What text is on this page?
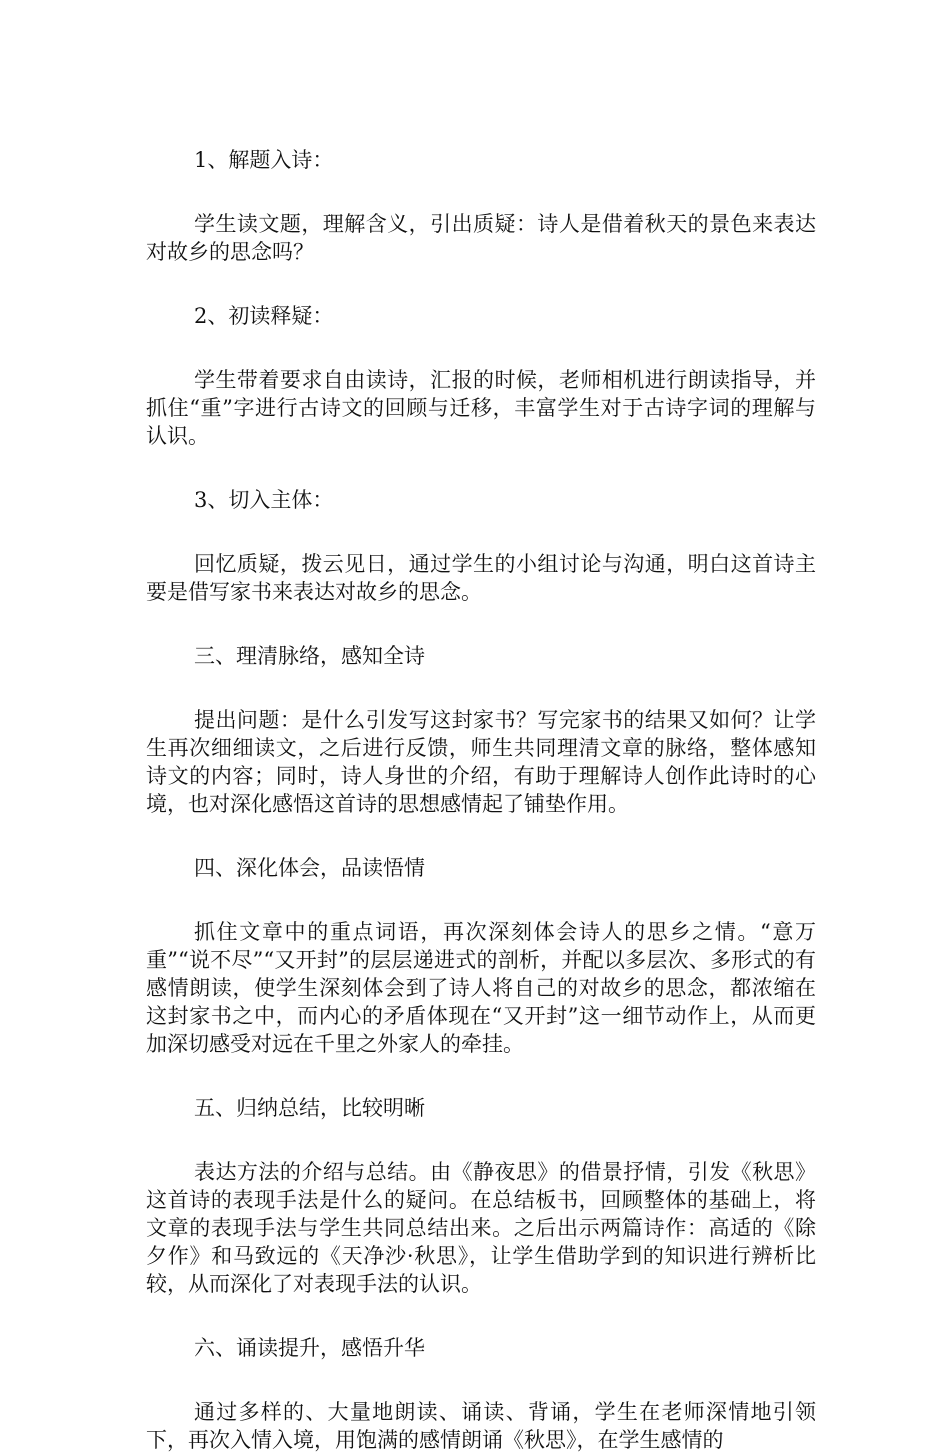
1、解题入诗：

学生读文题，理解含义，引出质疑：诗人是借着秋天的景色来表达对故乡的思念吗？

2、初读释疑：

学生带着要求自由读诗，汇报的时候，老师相机进行朗读指导，并抓住“重”字进行古诗文的回顾与迁移，丰富学生对于古诗字词的理解与认识。

3、切入主体：

回忆质疑，拨云见日，通过学生的小组讨论与沟通，明白这首诗主要是借写家书来表达对故乡的思念。

三、理清脉络，感知全诗

提出问题：是什么引发写这封家书？写完家书的结果又如何？让学生再次细细读文，之后进行反馈，师生共同理清文章的脉络，整体感知诗文的内容；同时，诗人身世的介绍，有助于理解诗人创作此诗时的心境，也对深化感悟这首诗的思想感情起了铺垫作用。

四、深化体会，品读悟情

抓住文章中的重点词语，再次深刻体会诗人的思乡之情。“意万重”“说不尽”“又开封”的层层递进式的剖析，并配以多层次、多形式的有感情朗读，使学生深刻体会到了诗人将自己的对故乡的思念，都浓缩在这封家书之中，而内心的矛盾体现在“又开封”这一细节动作上，从而更加深切感受对远在千里之外家人的牵挂。

五、归纳总结，比较明晰

表达方法的介绍与总结。由《静夜思》的借景抒情，引发《秋思》这首诗的表现手法是什么的疑问。在总结板书，回顾整体的基础上，将文章的表现手法与学生共同总结出来。之后出示两篇诗作：高适的《除夕作》和马致远的《天净沙·秋思》，让学生借助学到的知识进行辨析比较，从而深化了对表现手法的认识。

六、诵读提升，感悟升华

通过多样的、大量地朗读、诵读、背诵，学生在老师深情地引领下，再次入情入境，用饱满的感情朗诵《秋思》，在学生感情的
